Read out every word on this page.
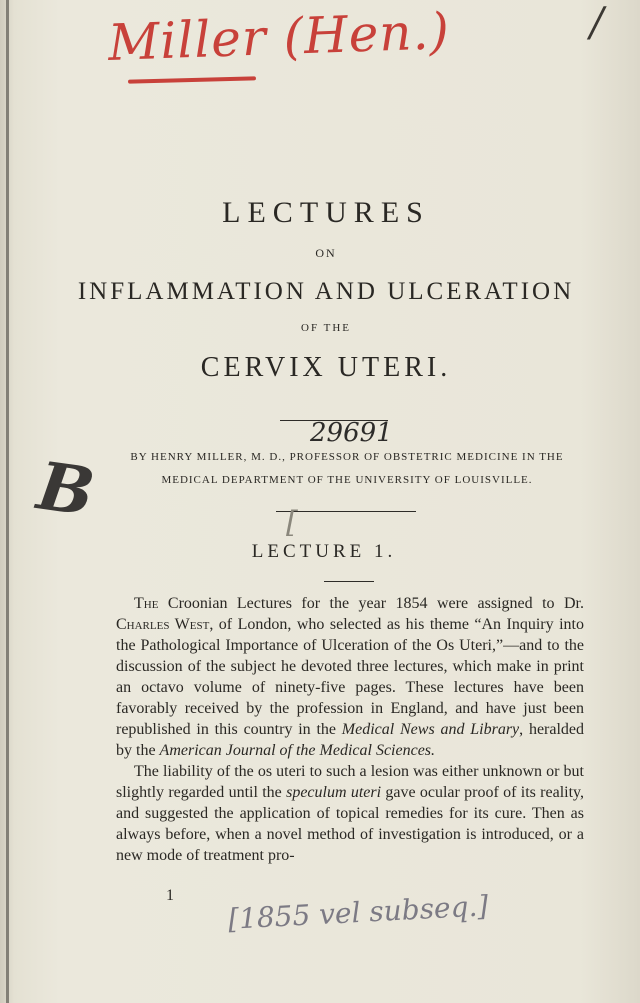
Miller (Hen.)	/
LECTURES
ON
INFLAMMATION AND ULCERATION
OF THE
CERVIX UTERI.
29691
BY HENRY MILLER, M. D., PROFESSOR OF OBSTETRIC MEDICINE IN THE
MEDICAL DEPARTMENT OF THE UNIVERSITY OF LOUISVILLE.
B	[
LECTURE 1.

The Croonian Lectures for the year 1854 were assigned to Dr. Charles West, of London, who selected as his theme “An Inquiry into the Pathological Importance of Ulceration of the Os Uteri,”—and to the discussion of the subject he devoted three lectures, which make in print an octavo volume of ninety-five pages. These lectures have been favorably received by the profession in England, and have just been republished in this country in the Medical News and Library, heralded by the American Journal of the Medical Sciences.

The liability of the os uteri to such a lesion was either unknown or but slightly regarded until the speculum uteri gave ocular proof of its reality, and suggested the application of topical remedies for its cure. Then as always before, when a novel method of investigation is introduced, or a new mode of treatment pro-

1 [1855 vel subseq.]
